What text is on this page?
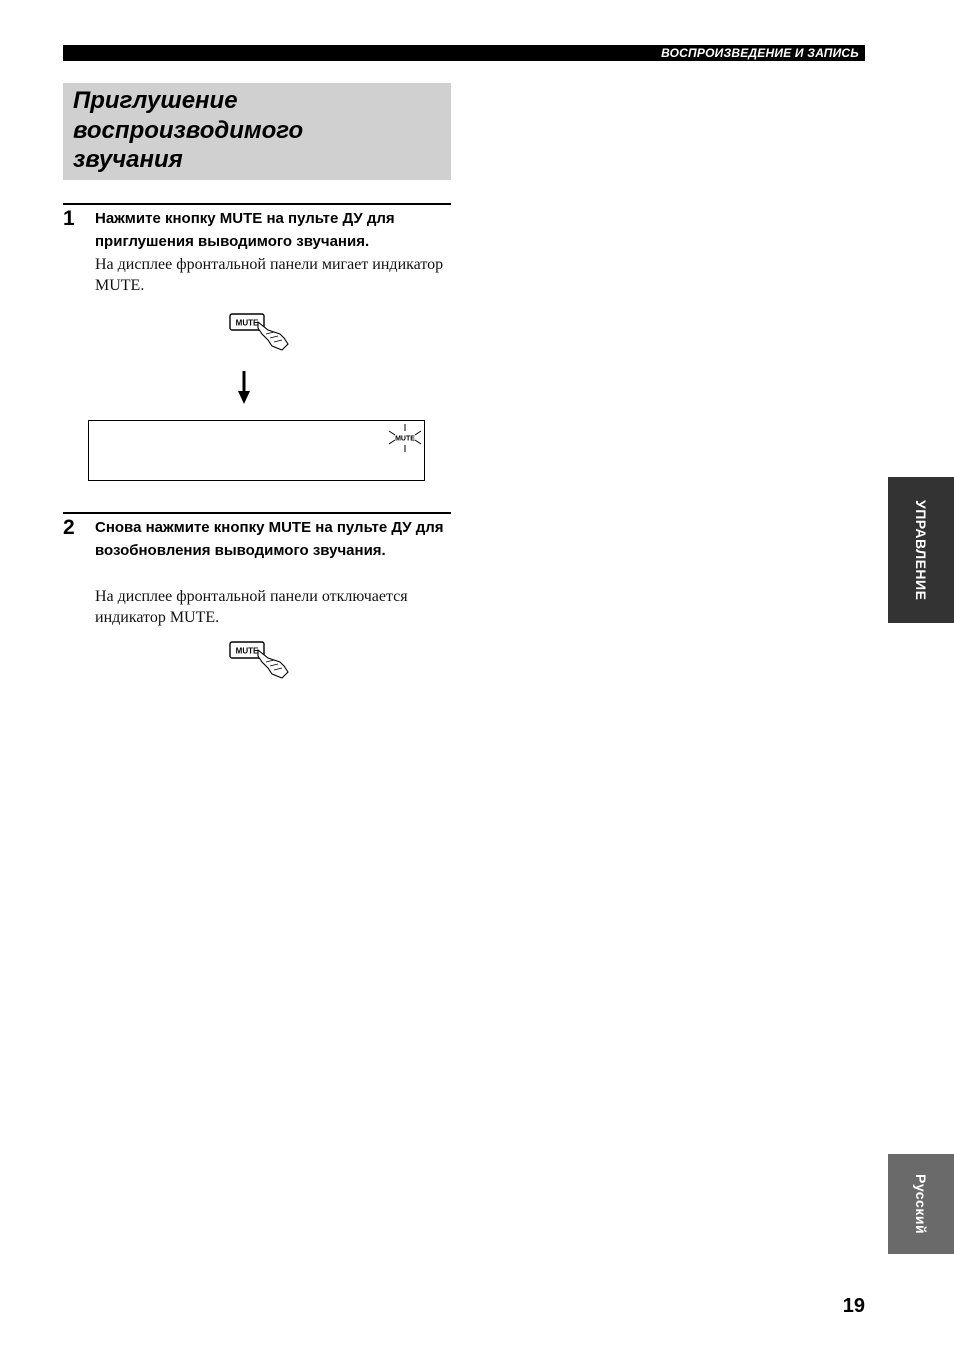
ВОСПРОИЗВЕДЕНИЕ И ЗАПИСЬ
Приглушение
воспроизводимого
звучания
1 Нажмите кнопку MUTE на пульте ДУ для приглушения выводимого звучания.
На дисплее фронтальной панели мигает индикатор MUTE.
MUTE
MUTE
2 Снова нажмите кнопку MUTE на пульте ДУ для возобновления выводимого звучания.
На дисплее фронтальной панели отключается индикатор MUTE.
MUTE
УПРАВЛЕНИЕ
Русский
19
